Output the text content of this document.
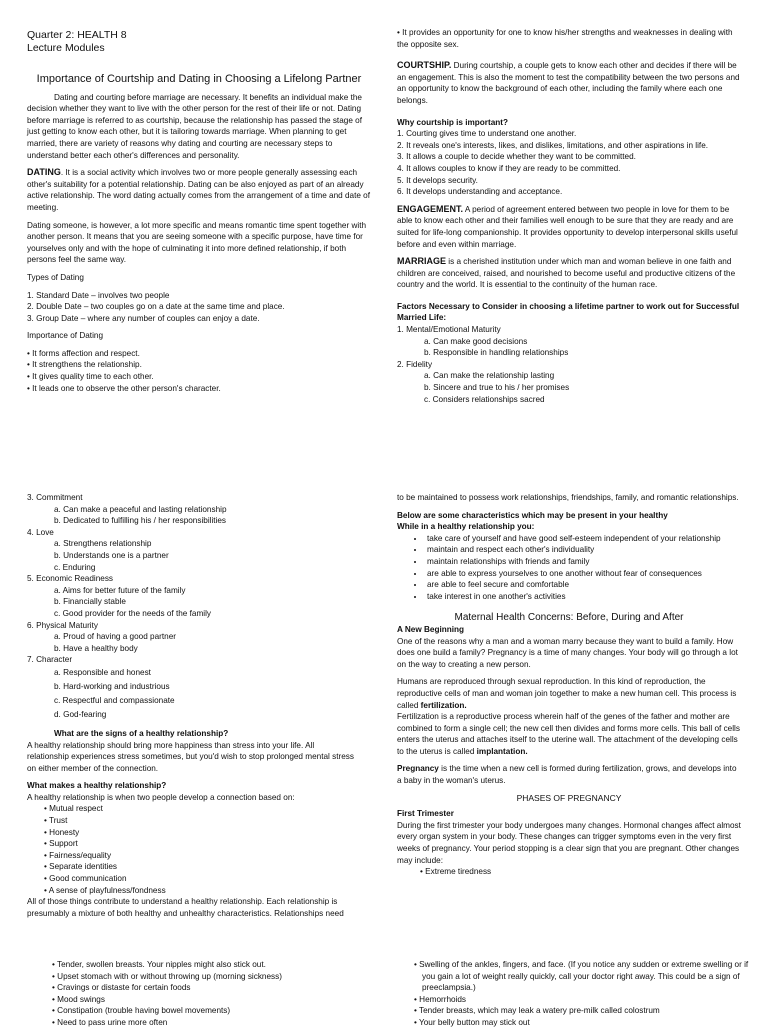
Quarter 2: HEALTH 8
Lecture Modules
Importance of Courtship and Dating in Choosing a Lifelong Partner

Dating and courting before marriage are necessary. It benefits an individual make the decision whether they want to live with the other person for the rest of their life or not. Dating before marriage is referred to as courtship, because the relationship has passed the stage of just getting to know each other, but it is tailoring towards marriage. When planning to get married, there are variety of reasons why dating and courting are necessary steps to understand better each other's differences and personality.

DATING. It is a social activity which involves two or more people generally assessing each other's suitability for a potential relationship. Dating can be also enjoyed as part of an already active relationship. The word dating actually comes from the arrangement of a time and date of meeting.

Dating someone, is however, a lot more specific and means romantic time spent together with another person. It means that you are seeing someone with a specific purpose, have time for yourselves only and with the hope of culminating it into more defined relationship, if both persons feel the same way.

Types of Dating

1. Standard Date – involves two people
2. Double Date – two couples go on a date at the same time and place.
3. Group Date – where any number of couples can enjoy a date.

Importance of Dating

• It forms affection and respect.
• It strengthens the relationship.
• It gives quality time to each other.
• It leads one to observe the other person's character.

• It provides an opportunity for one to know his/her strengths and weaknesses in dealing with the opposite sex.

COURTSHIP. During courtship, a couple gets to know each other and decides if there will be an engagement. This is also the moment to test the compatibility between the two persons and an opportunity to know the background of each other, including the family where each one belongs.

Why courtship is important?

1. Courting gives time to understand one another.
2. It reveals one's interests, likes, and dislikes, limitations, and other aspirations in life.
3. It allows a couple to decide whether they want to be committed.
4. It allows couples to know if they are ready to be committed.
5. It develops security.
6. It develops understanding and acceptance.

ENGAGEMENT. A period of agreement entered between two people in love for them to be able to know each other and their families well enough to be sure that they are ready and are suited for life-long companionship. It provides opportunity to develop interpersonal skills useful before and even within marriage.

MARRIAGE is a cherished institution under which man and woman believe in one faith and children are conceived, raised, and nourished to become useful and productive citizens of the country and the world. It is essential to the continuity of the human race.

Factors Necessary to Consider in choosing a lifetime partner to work out for Successful Married Life:

1. Mental/Emotional Maturity

a. Can make good decisions
b. Responsible in handling relationships

2. Fidelity

a. Can make the relationship lasting
b. Sincere and true to his / her promises
c. Considers relationships sacred

3. Commitment

a. Can make a peaceful and lasting relationship
b. Dedicated to fulfilling his / her responsibilities

4. Love

a. Strengthens relationship
b. Understands one is a partner
c. Enduring

5. Economic Readiness

a. Aims for better future of the family
b. Financially stable
c. Good provider for the needs of the family

6. Physical Maturity

a. Proud of having a good partner
b. Have a healthy body

7. Character

a. Responsible and honest
b. Hard-working and industrious
c. Respectful and compassionate
d. God-fearing

What are the signs of a healthy relationship?

A healthy relationship should bring more happiness than stress into your life. All relationship experiences stress sometimes, but you'd wish to stop prolonged mental stress on either member of the connection.

What makes a healthy relationship?

A healthy relationship is when two people develop a connection based on:

• Mutual respect
• Trust
• Honesty
• Support
• Fairness/equality
• Separate identities
• Good communication
• A sense of playfulness/fondness

All of those things contribute to understand a healthy relationship. Each relationship is presumably a mixture of both healthy and unhealthy characteristics. Relationships need

to be maintained to possess work relationships, friendships, family, and romantic relationships.

Below are some characteristics which may be present in your healthy
While in a healthy relationship you:

• take care of yourself and have good self-esteem independent of your relationship
• maintain and respect each other's individuality
• maintain relationships with friends and family
• are able to express yourselves to one another without fear of consequences
• are able to feel secure and comfortable
• take interest in one another's activities
Maternal Health Concerns: Before, During and After

A New Beginning

One of the reasons why a man and a woman marry because they want to build a family. How does one build a family? Pregnancy is a time of many changes. Your body will go through a lot on the way to creating a new person.

Humans are reproduced through sexual reproduction. In this kind of reproduction, the reproductive cells of man and woman join together to make a new human cell. This process is called fertilization.

Fertilization is a reproductive process wherein half of the genes of the father and mother are combined to form a single cell; the new cell then divides and forms more cells. This ball of cells enters the uterus and attaches itself to the uterine wall. The attachment of the developing cells to the uterus is called implantation.

Pregnancy is the time when a new cell is formed during fertilization, grows, and develops into a baby in the woman's uterus.

PHASES OF PREGNANCY

First Trimester

During the first trimester your body undergoes many changes. Hormonal changes affect almost every organ system in your body. These changes can trigger symptoms even in the very first weeks of pregnancy. Your period stopping is a clear sign that you are pregnant. Other changes may include:

• Extreme tiredness
• Tender, swollen breasts. Your nipples might also stick out.
• Upset stomach with or without throwing up (morning sickness)
• Cravings or distaste for certain foods
• Mood swings
• Constipation (trouble having bowel movements)
• Need to pass urine more often
• Swelling of the ankles, fingers, and face. (If you notice any sudden or extreme swelling or if you gain a lot of weight really quickly, call your doctor right away. This could be a sign of preeclampsia.)
• Hemorrhoids
• Tender breasts, which may leak a watery pre-milk called colostrum
• Your belly button may stick out
